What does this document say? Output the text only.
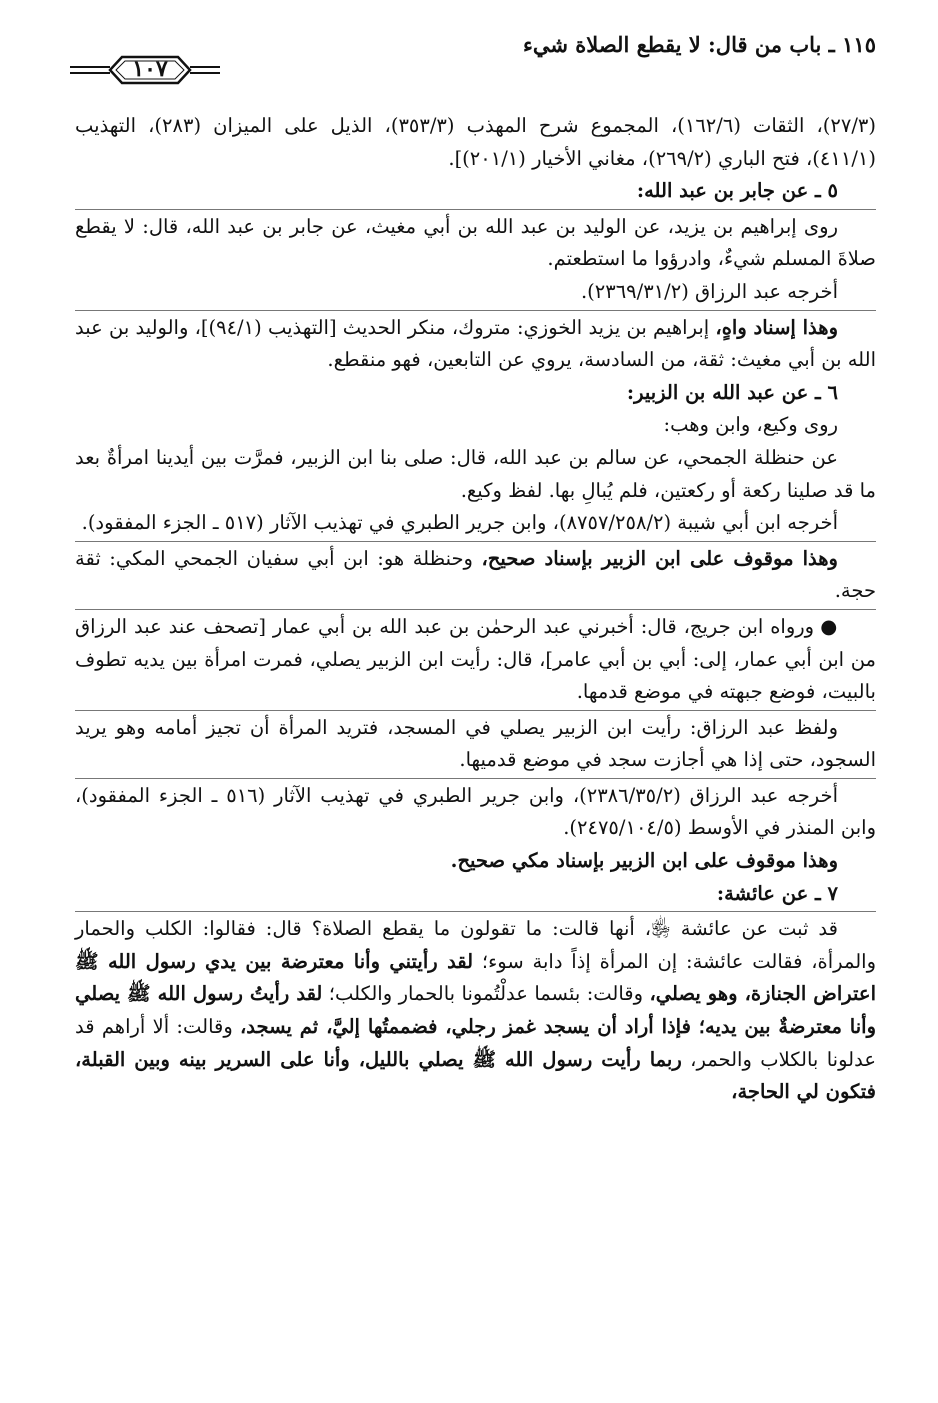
١١٥ ـ باب من قال: لا يقطع الصلاة شيء
١٠٧

(٢٧/٣)، الثقات (١٦٢/٦)، المجموع شرح المهذب (٣٥٣/٣)، الذيل على الميزان (٢٨٣)، التهذيب (٤١١/١)، فتح الباري (٢٦٩/٢)، مغاني الأخيار (٢٠١/١)].

٥ ـ عن جابر بن عبد الله:

روى إبراهيم بن يزيد، عن الوليد بن عبد الله بن أبي مغيث، عن جابر بن عبد الله، قال: لا يقطع صلاةَ المسلم شيءٌ، وادرؤوا ما استطعتم.

أخرجه عبد الرزاق (٢٣٦٩/٣١/٢).

وهذا إسناد واهٍ، إبراهيم بن يزيد الخوزي: متروك، منكر الحديث [التهذيب (٩٤/١)]، والوليد بن عبد الله بن أبي مغيث: ثقة، من السادسة، يروي عن التابعين، فهو منقطع.

٦ ـ عن عبد الله بن الزبير:

روى وكيع، وابن وهب:

عن حنظلة الجمحي، عن سالم بن عبد الله، قال: صلى بنا ابن الزبير، فمرَّت بين أيدينا امرأةٌ بعد ما قد صلينا ركعة أو ركعتين، فلم يُبالِ بها. لفظ وكيع.

أخرجه ابن أبي شيبة (٨٧٥٧/٢٥٨/٢)، وابن جرير الطبري في تهذيب الآثار (٥١٧ ـ الجزء المفقود).

وهذا موقوف على ابن الزبير بإسناد صحيح، وحنظلة هو: ابن أبي سفيان الجمحي المكي: ثقة حجة.

● ورواه ابن جريج، قال: أخبرني عبد الرحمٰن بن عبد الله بن أبي عمار [تصحف عند عبد الرزاق من ابن أبي عمار، إلى: أبي بن أبي عامر]، قال: رأيت ابن الزبير يصلي، فمرت امرأة بين يديه تطوف بالبيت، فوضع جبهته في موضع قدمها.

ولفظ عبد الرزاق: رأيت ابن الزبير يصلي في المسجد، فتريد المرأة أن تجيز أمامه وهو يريد السجود، حتى إذا هي أجازت سجد في موضع قدميها.

أخرجه عبد الرزاق (٢٣٨٦/٣٥/٢)، وابن جرير الطبري في تهذيب الآثار (٥١٦ ـ الجزء المفقود)، وابن المنذر في الأوسط (٢٤٧٥/١٠٤/٥).

وهذا موقوف على ابن الزبير بإسناد مكي صحيح.

٧ ـ عن عائشة:

قد ثبت عن عائشة ﵂، أنها قالت: ما تقولون ما يقطع الصلاة؟ قال: فقالوا: الكلب والحمار والمرأة، فقالت عائشة: إن المرأة إذاً دابة سوء؛ لقد رأيتني وأنا معترضة بين يدي رسول الله ﷺ اعتراض الجنازة، وهو يصلي، وقالت: بئسما عدلْتُمونا بالحمار والكلب؛ لقد رأيتُ رسول الله ﷺ يصلي وأنا معترضةٌ بين يديه؛ فإذا أراد أن يسجد غمز رجلي، فضممتُها إليَّ، ثم يسجد، وقالت: ألا أراهم قد عدلونا بالكلاب والحمر، ربما رأيت رسول الله ﷺ يصلي بالليل، وأنا على السرير بينه وبين القبلة، فتكون لي الحاجة،
